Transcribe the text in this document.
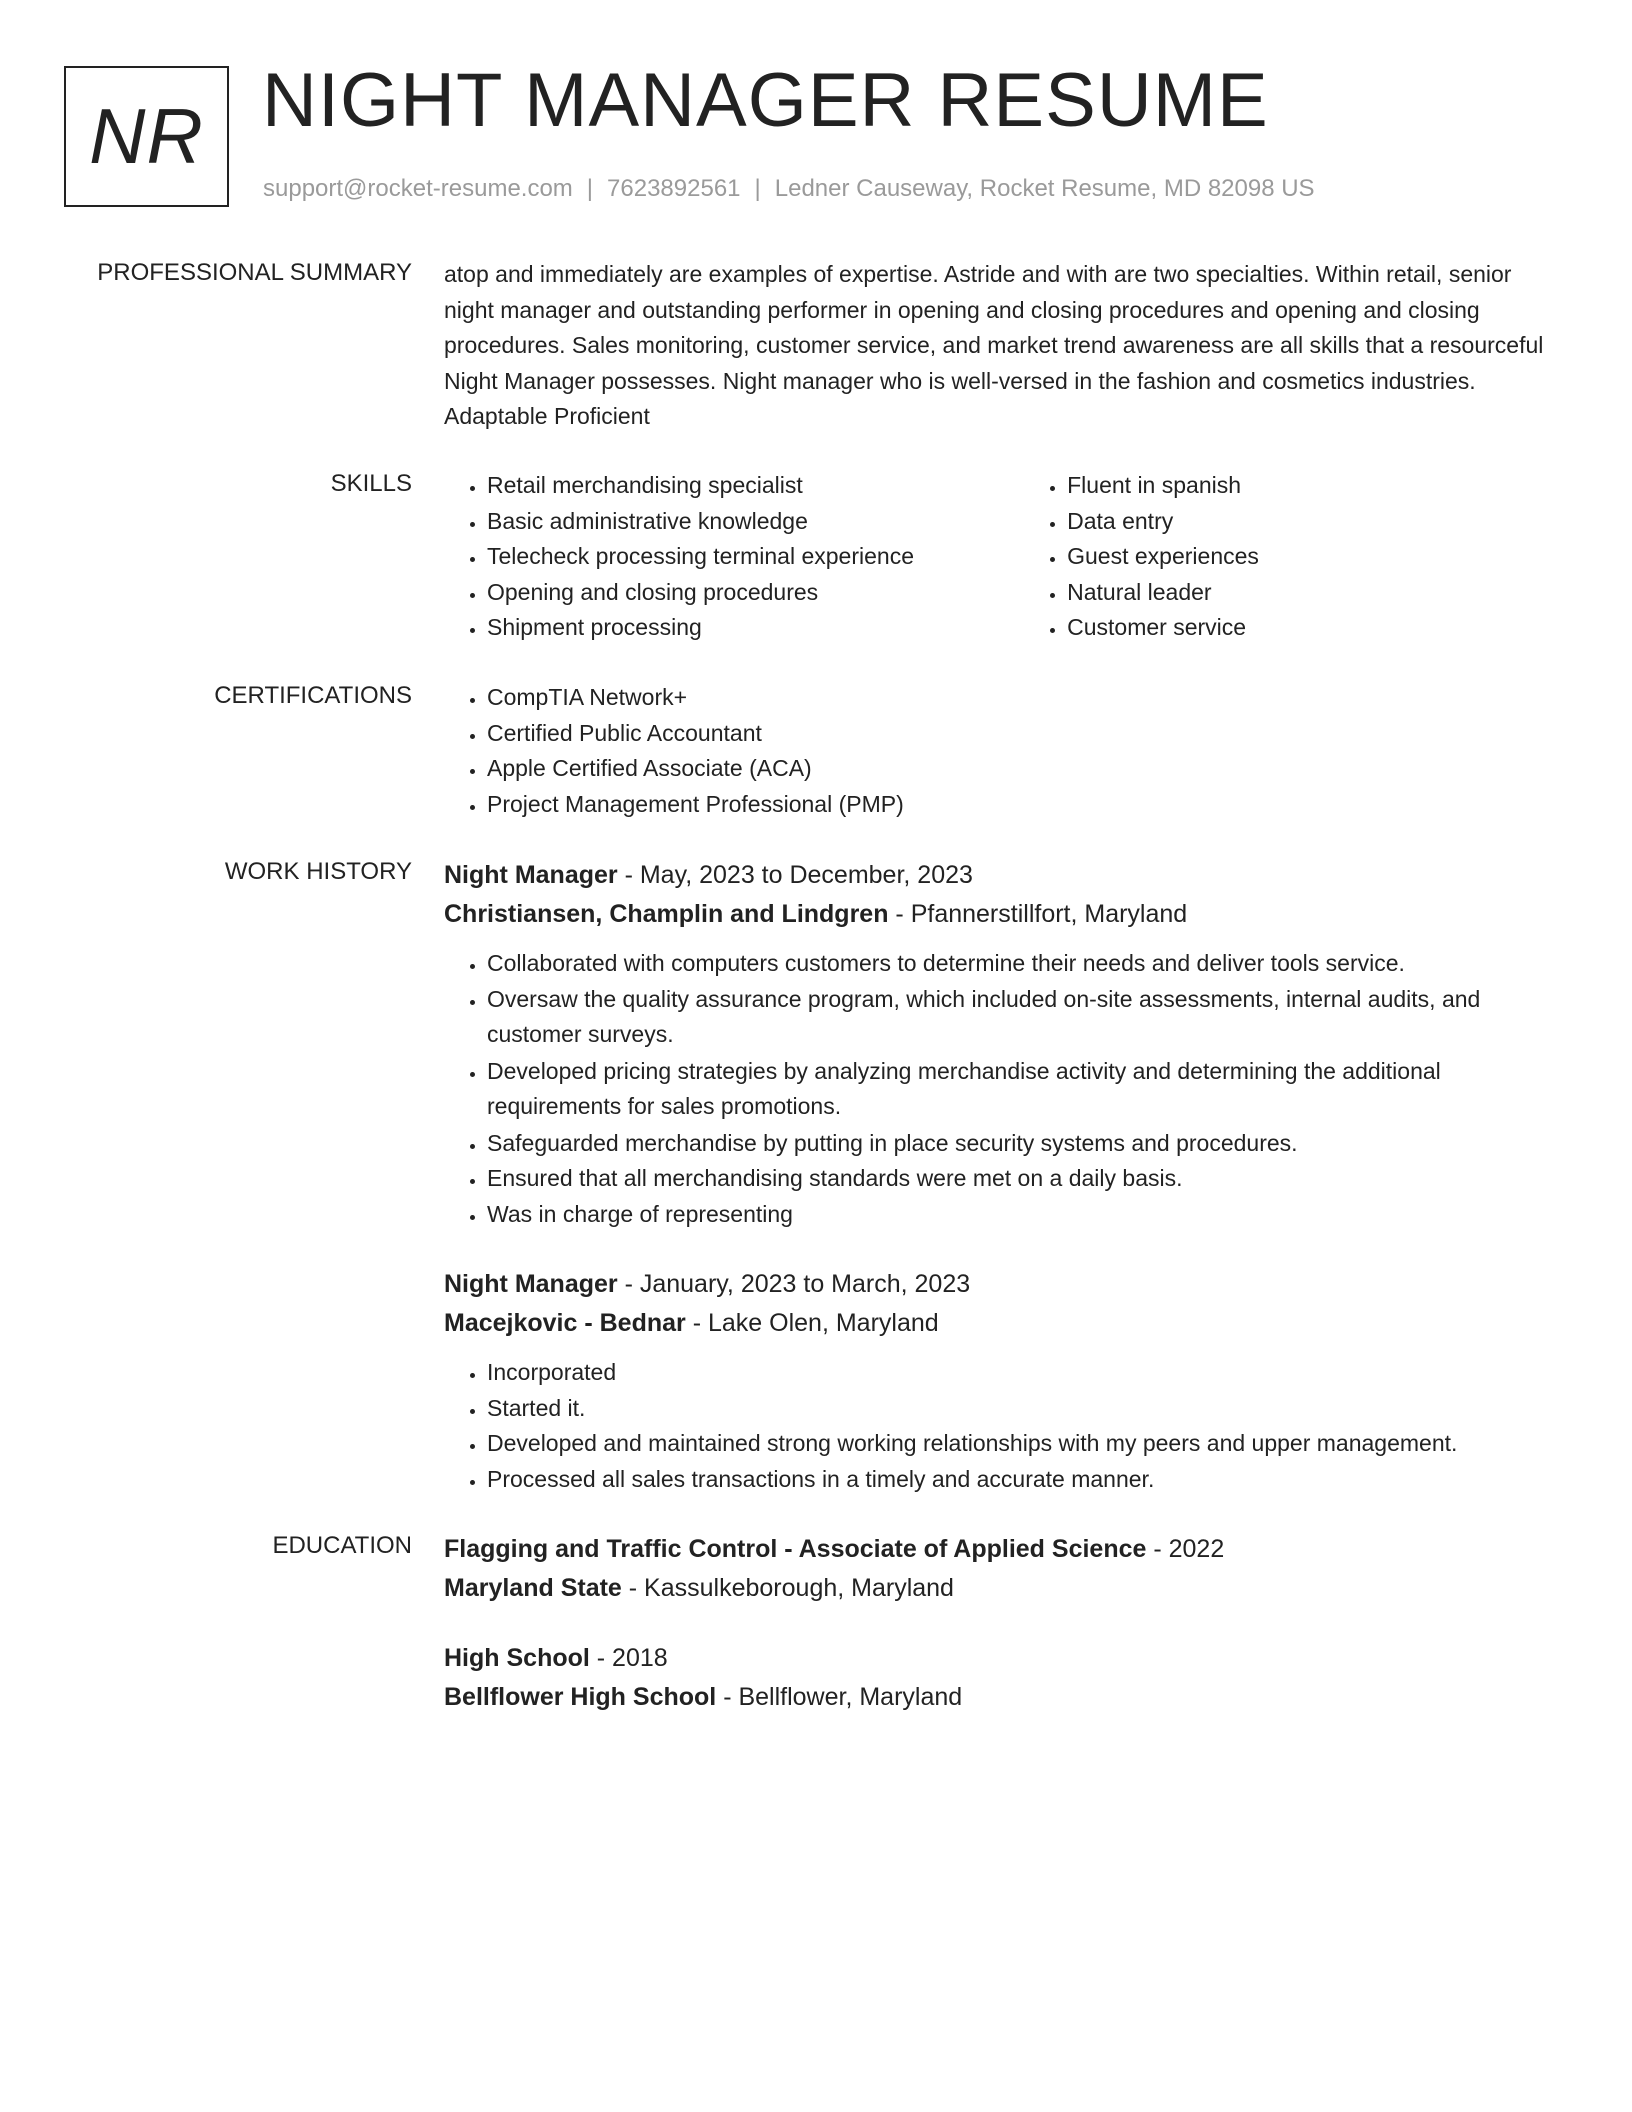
NR NIGHT MANAGER RESUME
support@rocket-resume.com | 7623892561 | Ledner Causeway, Rocket Resume, MD 82098 US
PROFESSIONAL SUMMARY atop and immediately are examples of expertise. Astride and with are two specialties. Within retail, senior night manager and outstanding performer in opening and closing procedures and opening and closing procedures. Sales monitoring, customer service, and market trend awareness are all skills that a resourceful Night Manager possesses. Night manager who is well-versed in the fashion and cosmetics industries. Adaptable Proficient

SKILLS	• Retail merchandising specialist
• Basic administrative knowledge
• Telecheck processing terminal experience
• Opening and closing procedures
• Shipment processing
• Fluent in spanish
• Data entry
• Guest experiences
• Natural leader
• Customer service
CERTIFICATIONS	• CompTIA Network+
• Certified Public Accountant
• Apple Certified Associate (ACA)
• Project Management Professional (PMP)
WORK HISTORY Night Manager - May, 2023 to December, 2023
Christiansen, Champlin and Lindgren - Pfannerstillfort, Maryland
• Collaborated with computers customers to determine their needs and deliver tools service.
• Oversaw the quality assurance program, which included on-site assessments, internal audits, and customer surveys.
• Developed pricing strategies by analyzing merchandise activity and determining the additional requirements for sales promotions.
• Safeguarded merchandise by putting in place security systems and procedures.
• Ensured that all merchandising standards were met on a daily basis.
• Was in charge of representing
Night Manager - January, 2023 to March, 2023
Macejkovic - Bednar - Lake Olen, Maryland
• Incorporated
• Started it.
• Developed and maintained strong working relationships with my peers and upper management.
• Processed all sales transactions in a timely and accurate manner.
EDUCATION Flagging and Traffic Control - Associate of Applied Science - 2022
Maryland State - Kassulkeborough, Maryland
High School - 2018
Bellflower High School - Bellflower, Maryland
